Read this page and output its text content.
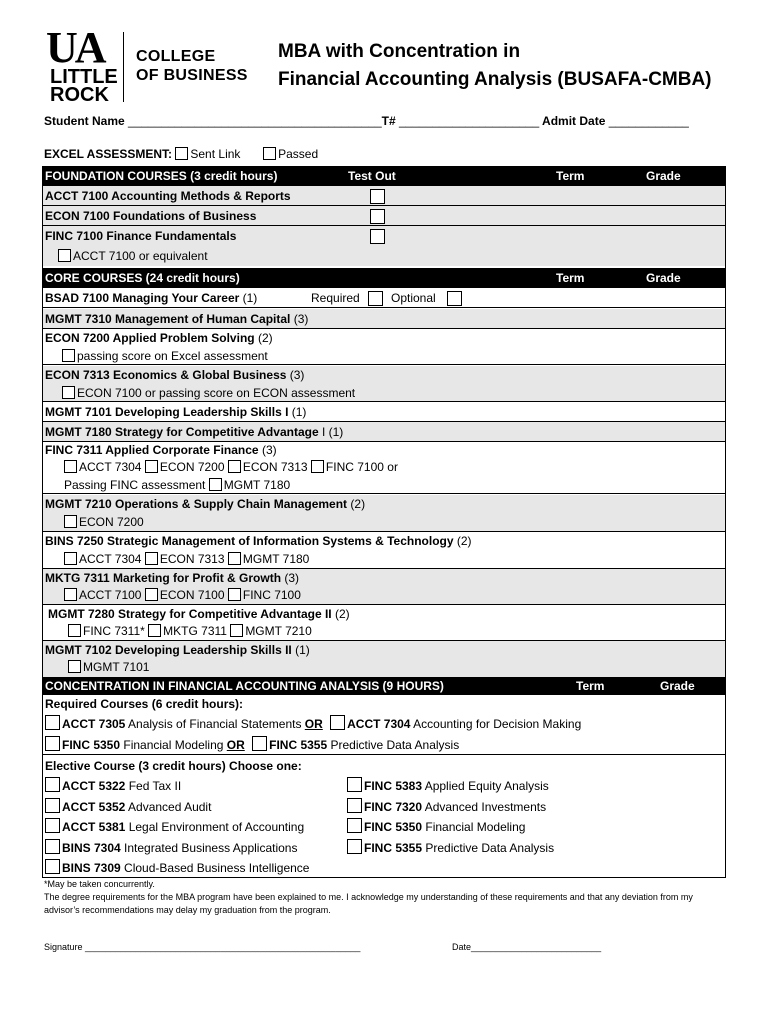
UA
LITTLE
ROCK
COLLEGE
OF BUSINESS
MBA with Concentration in
Financial Accounting Analysis (BUSAFA-CMBA)
Student Name ______________________________________T# _____________________ Admit Date ____________
EXCEL ASSESSMENT: Sent Link	Passed
FOUNDATION COURSES (3 credit hours)	Test Out	Term	Grade
ACCT 7100 Accounting Methods & Reports
ECON 7100 Foundations of Business
FINC 7100 Finance Fundamentals
ACCT 7100 or equivalent
CORE COURSES (24 credit hours)	Term	Grade
BSAD 7100 Managing Your Career (1)	Required	Optional
MGMT 7310 Management of Human Capital (3)
ECON 7200 Applied Problem Solving (2)
passing score on Excel assessment
ECON 7313 Economics & Global Business (3)
ECON 7100 or passing score on ECON assessment
MGMT 7101 Developing Leadership Skills I (1)
MGMT 7180 Strategy for Competitive Advantage I (1)
FINC 7311 Applied Corporate Finance (3)
ACCT 7304 ECON 7200 ECON 7313 FINC 7100 or
Passing FINC assessment MGMT 7180
MGMT 7210 Operations & Supply Chain Management (2)
ECON 7200
BINS 7250 Strategic Management of Information Systems & Technology (2)
ACCT 7304 ECON 7313 MGMT 7180
MKTG 7311 Marketing for Profit & Growth (3)
ACCT 7100 ECON 7100 FINC 7100
MGMT 7280 Strategy for Competitive Advantage II (2)
FINC 7311* MKTG 7311 MGMT 7210
MGMT 7102 Developing Leadership Skills II (1)
MGMT 7101
CONCENTRATION IN FINANCIAL ACCOUNTING ANALYSIS (9 HOURS)	Term	Grade
Required Courses (6 credit hours):
ACCT 7305 Analysis of Financial Statements OR ACCT 7304 Accounting for Decision Making
FINC 5350 Financial Modeling OR FINC 5355 Predictive Data Analysis
Elective Course (3 credit hours) Choose one:
ACCT 5322 Fed Tax II	FINC 5383 Applied Equity Analysis
ACCT 5352 Advanced Audit	FINC 7320 Advanced Investments
ACCT 5381 Legal Environment of Accounting	FINC 5350 Financial Modeling
BINS 7304 Integrated Business Applications	FINC 5355 Predictive Data Analysis
BINS 7309 Cloud-Based Business Intelligence
*May be taken concurrently.
The degree requirements for the MBA program have been explained to me. I acknowledge my understanding of these requirements and that any deviation from my
advisor’s recommendations may delay my graduation from the program.
Signature _______________________________________________________	Date__________________________
